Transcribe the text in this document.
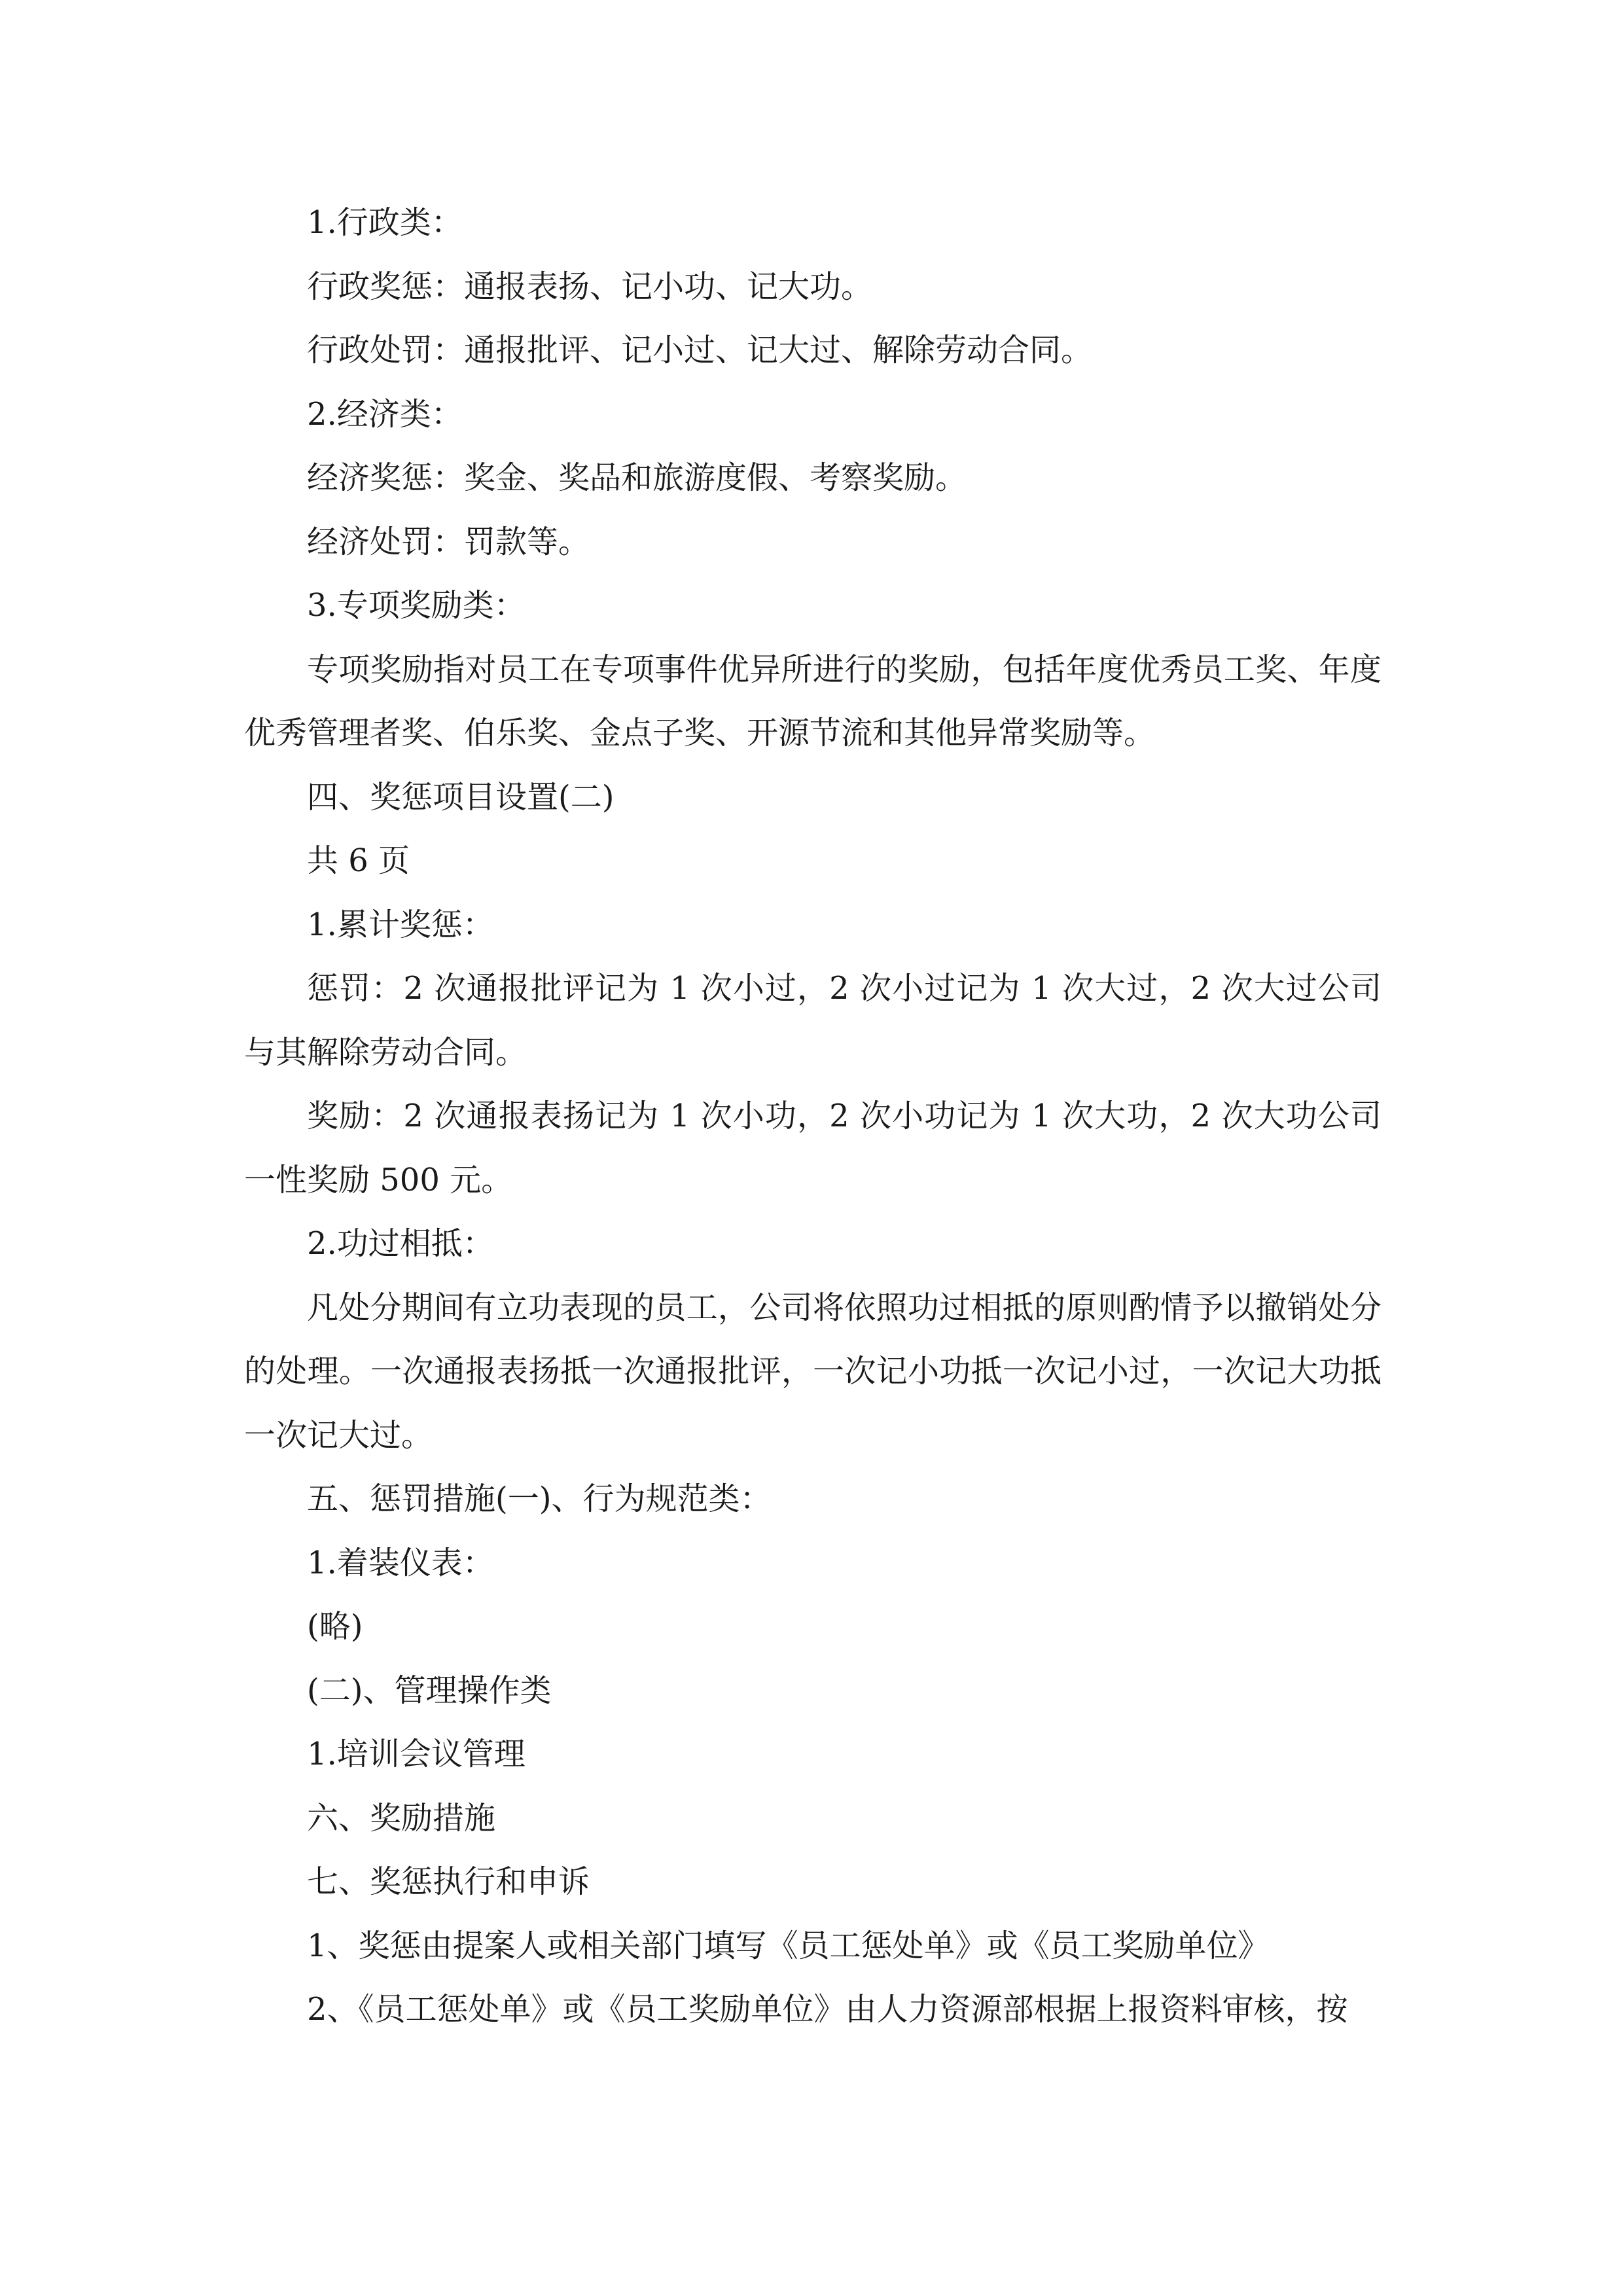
1.行政类：

行政奖惩：通报表扬、记小功、记大功。

行政处罚：通报批评、记小过、记大过、解除劳动合同。

2.经济类：

经济奖惩：奖金、奖品和旅游度假、考察奖励。

经济处罚：罚款等。

3.专项奖励类：

专项奖励指对员工在专项事件优异所进行的奖励，包括年度优秀员工奖、年度优秀管理者奖、伯乐奖、金点子奖、开源节流和其他异常奖励等。

四、奖惩项目设置(二)

共 6 页

1.累计奖惩：

惩罚：2 次通报批评记为 1 次小过，2 次小过记为 1 次大过，2 次大过公司与其解除劳动合同。

奖励：2 次通报表扬记为 1 次小功，2 次小功记为 1 次大功，2 次大功公司一性奖励 500 元。

2.功过相抵：

凡处分期间有立功表现的员工，公司将依照功过相抵的原则酌情予以撤销处分的处理。一次通报表扬抵一次通报批评，一次记小功抵一次记小过，一次记大功抵一次记大过。

五、惩罚措施(一)、行为规范类：

1.着装仪表：

(略)

(二)、管理操作类

1.培训会议管理

六、奖励措施

七、奖惩执行和申诉

1、奖惩由提案人或相关部门填写《员工惩处单》或《员工奖励单位》

2、《员工惩处单》或《员工奖励单位》由人力资源部根据上报资料审核，按
